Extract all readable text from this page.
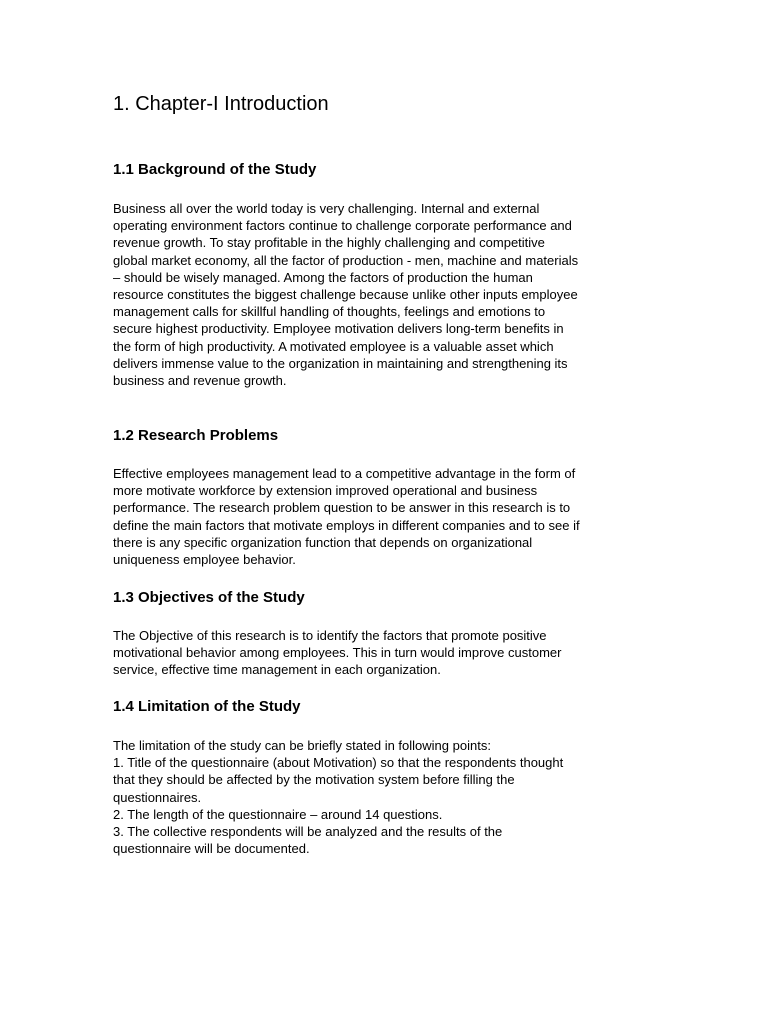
1. Chapter-I Introduction
1.1 Background of the Study
Business all over the world today is very challenging. Internal and external
operating environment factors continue to challenge corporate performance and
revenue growth. To stay profitable in the highly challenging and competitive
global market economy, all the factor of production - men, machine and materials
– should be wisely managed. Among the factors of production the human
resource constitutes the biggest challenge because unlike other inputs employee
management calls for skillful handling of thoughts, feelings and emotions to
secure highest productivity. Employee motivation delivers long-term benefits in
the form of high productivity. A motivated employee is a valuable asset which
delivers immense value to the organization in maintaining and strengthening its
business and revenue growth.
1.2 Research Problems
Effective employees management lead to a competitive advantage in the form of
more motivate workforce by extension improved operational and business
performance. The research problem question to be answer in this research is to
define the main factors that motivate employs in different companies and to see if
there is any specific organization function that depends on organizational
uniqueness employee behavior.
1.3 Objectives of the Study
The Objective of this research is to identify the factors that promote positive
motivational behavior among employees. This in turn would improve customer
service, effective time management in each organization.
1.4 Limitation of the Study
The limitation of the study can be briefly stated in following points:
1. Title of the questionnaire (about Motivation) so that the respondents thought
that they should be affected by the motivation system before filling the
questionnaires.
2. The length of the questionnaire – around 14 questions.
3. The collective respondents will be analyzed and the results of the
questionnaire will be documented.
